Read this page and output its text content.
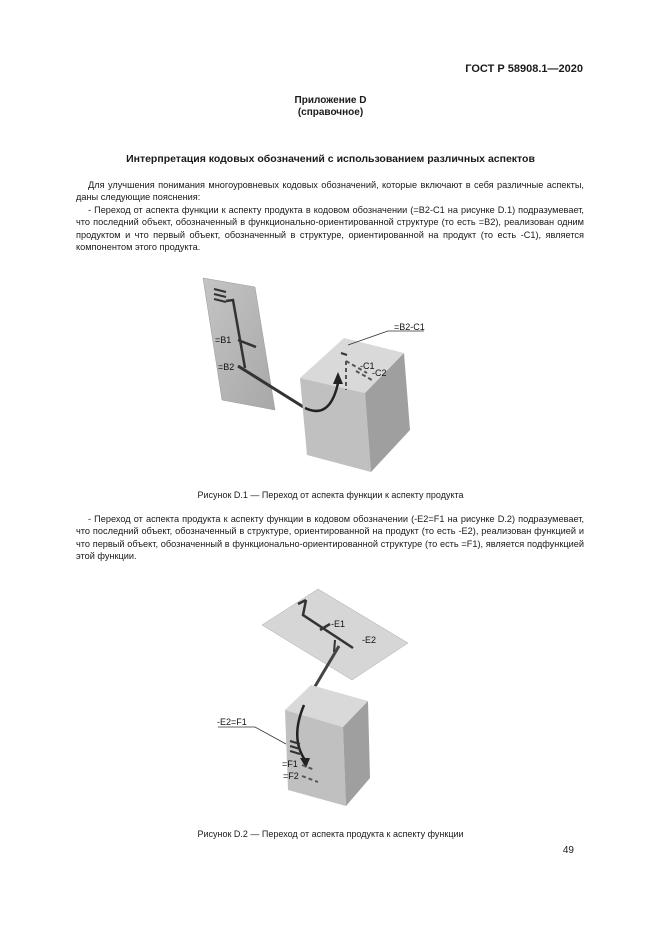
ГОСТ Р 58908.1—2020
Приложение D
(справочное)
Интерпретация кодовых обозначений с использованием различных аспектов

Для улучшения понимания многоуровневых кодовых обозначений, которые включают в себя различные аспекты, даны следующие пояснения:

- Переход от аспекта функции к аспекту продукта в кодовом обозначении (=B2-C1 на рисунке D.1) подразумевает, что последний объект, обозначенный в функционально-ориентированной структуре (то есть =B2), реализован одним продуктом и что первый объект, обозначенный в структуре, ориентированной на продукт (то есть -C1), является компонентом этого продукта.

=B1
=B2
=B2-C1
-C1
-C2
Рисунок D.1 — Переход от аспекта функции к аспекту продукта

- Переход от аспекта продукта к аспекту функции в кодовом обозначении (-E2=F1 на рисунке D.2) подразумевает, что последний объект, обозначенный в структуре, ориентированной на продукт (то есть -E2), реализован функцией и что первый объект, обозначенный в функционально-ориентированной структуре (то есть =F1), является подфункцией этой функции.

-E1
-E2
-E2=F1
=F1
=F2
Рисунок D.2 — Переход от аспекта продукта к аспекту функции
49
